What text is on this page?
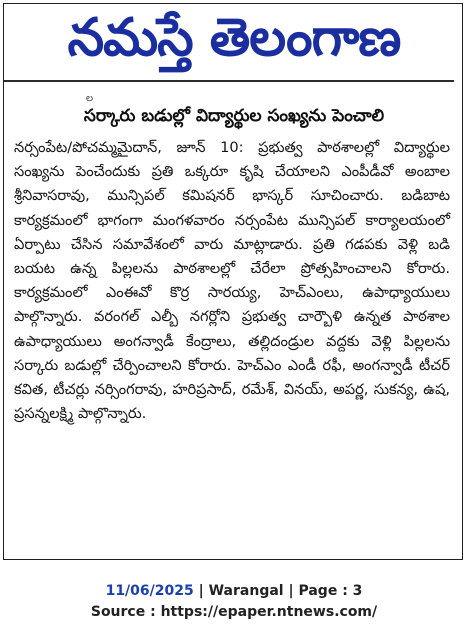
నమస్తే తెలంగాణ
ల
సర్కారు బడుల్లో విద్యార్థుల సంఖ్యను పెంచాలి

నర్సంపేట/పోచమ్మమైదాన్, జూన్ 10: ప్రభుత్వ పాఠశాలల్లో విద్యార్థుల సంఖ్యను పెంచేందుకు ప్రతి ఒక్కరూ కృషి చేయాలని ఎంపీడీవో అంబాల శ్రీనివాసరావు, మున్సిపల్ కమిషనర్ భాస్కర్ సూచించారు. బడిబాట కార్యక్రమంలో భాగంగా మంగళవారం నర్సంపేట మున్సిపల్ కార్యాలయంలో ఏర్పాటు చేసిన సమావేశంలో వారు మాట్లాడారు. ప్రతి గడపకు వెళ్లి బడి బయట ఉన్న పిల్లలను పాఠశాలల్లో చేరేలా ప్రోత్సహించాలని కోరారు. కార్యక్రమంలో ఎంఈవో కొర్ర సారయ్య, హెచ్ఎంలు, ఉపాధ్యాయులు పాల్గొన్నారు. వరంగల్ ఎల్బీ నగర్లోని ప్రభుత్వ చార్బౌళి ఉన్నత పాఠశాల ఉపాధ్యాయులు అంగన్వాడీ కేంద్రాలు, తల్లిదండ్రుల వద్దకు వెళ్లి పిల్లలను సర్కారు బడుల్లో చేర్పించాలని కోరారు. హెచ్ఎం ఎండీ రఫీ, అంగన్వాడీ టీచర్ కవిత, టీచర్లు నర్సింగరావు, హరిప్రసాద్, రమేశ్, వినయ్, అపర్ణ, సుకన్య, ఉష, ప్రసన్నలక్ష్మి పాల్గొన్నారు.

11/06/2025 | Warangal | Page : 3
Source : https://epaper.ntnews.com/
